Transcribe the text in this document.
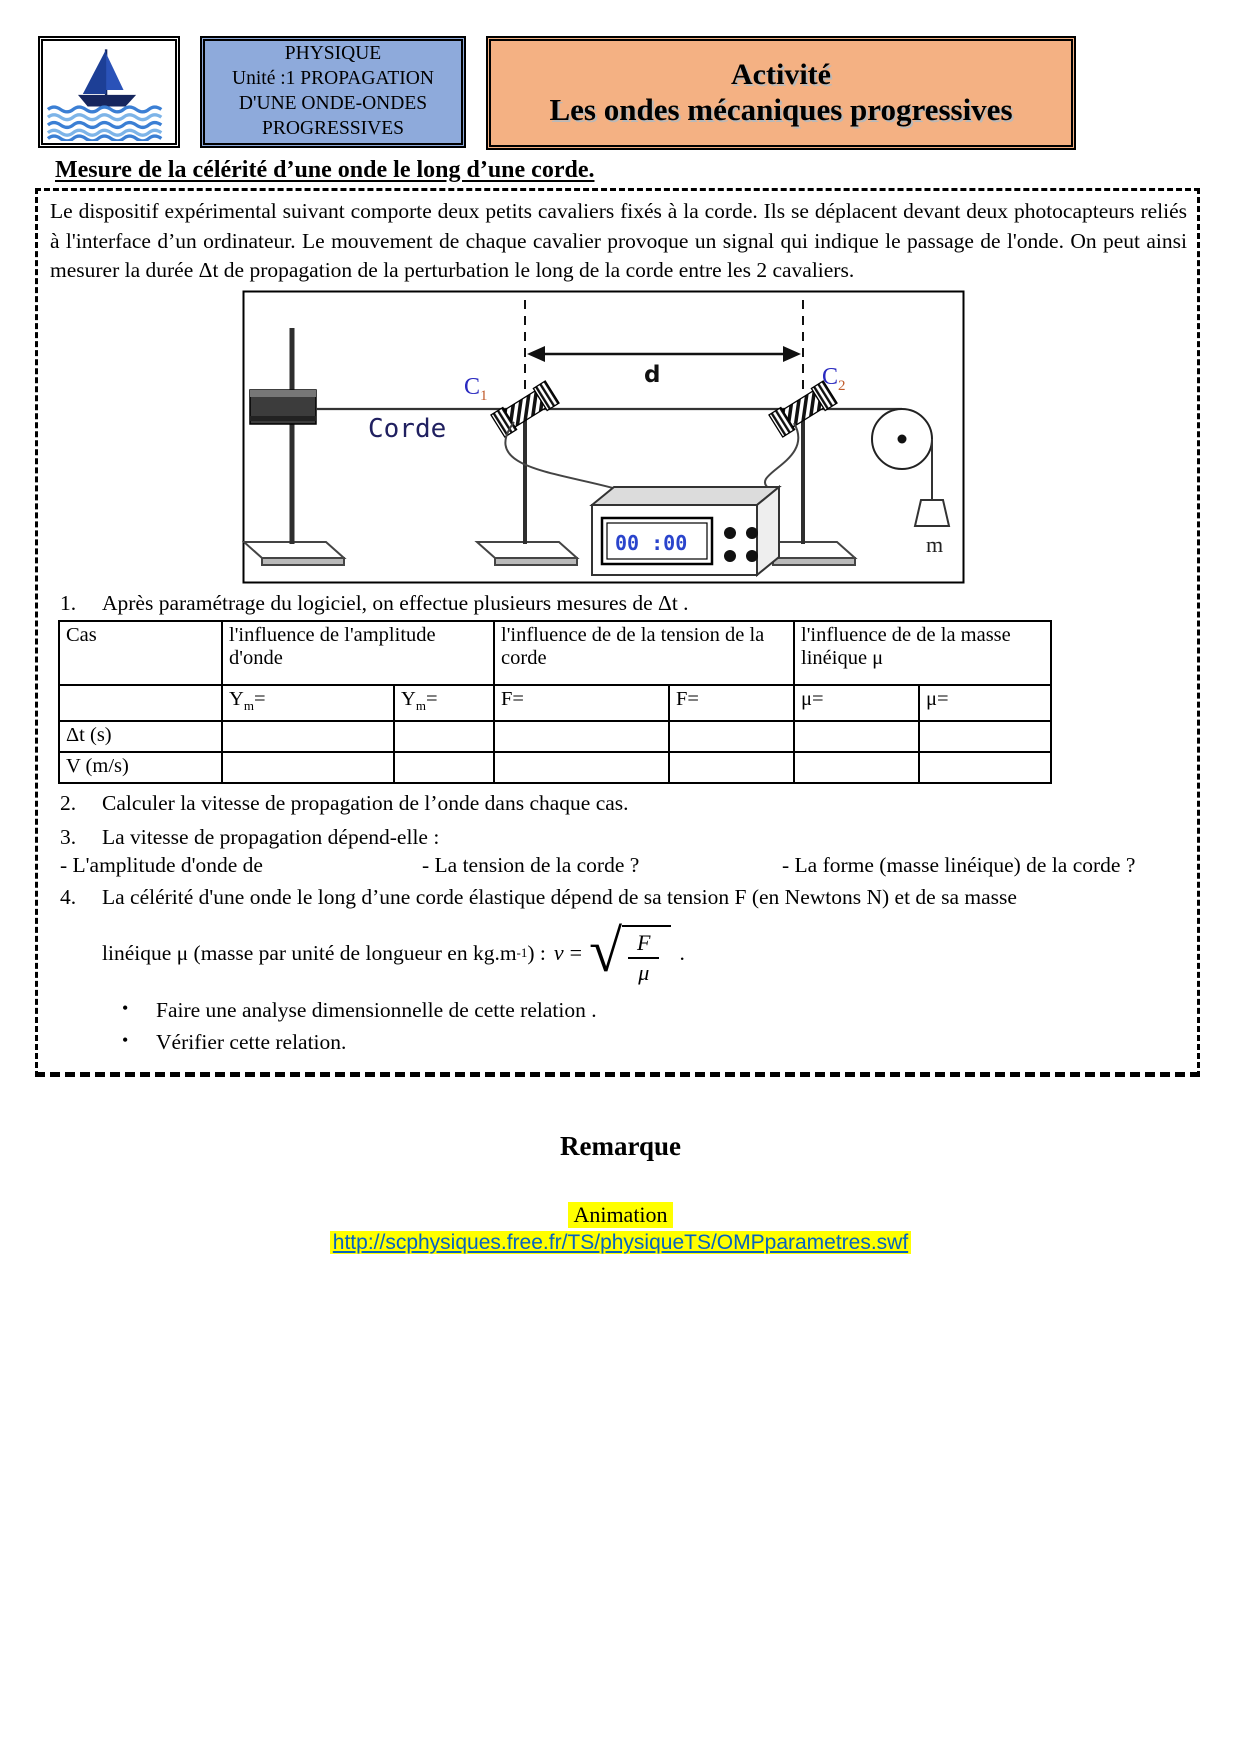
PHYSIQUE
Unité :1 PROPAGATION
D'UNE ONDE-ONDES
PROGRESSIVES
Activité
Les ondes mécaniques progressives
Mesure de la célérité d’une onde le long d’une corde.

Le dispositif expérimental suivant comporte deux petits cavaliers fixés à la corde. Ils se déplacent devant deux photocapteurs reliés à l'interface d’un ordinateur. Le mouvement de chaque cavalier provoque un signal qui indique le passage de l'onde. On peut ainsi mesurer la durée Δt de propagation de la perturbation le long de la corde entre les 2 cavaliers.

d
$C_1$
$C_2$
Corde
00 :00	m
1.	Après paramétrage du logiciel, on effectue plusieurs mesures de Δt .
Cas	l'influence de l'amplitude d'onde		l'influence de de la tension de la corde		l'influence de de la masse linéique μ	
	$Y_m=$	$Y_m=$	F=	F=	μ=	μ=
Δt (s)						
V (m/s)						
2.	Calculer la vitesse de propagation de l’onde dans chaque cas.
3.	La vitesse de propagation dépend-elle :
- L'amplitude d'onde de	- La tension de la corde ?	- La forme (masse linéique) de la corde ?
4.	La célérité d'une onde le long d’une corde élastique dépend de sa tension F (en Newtons N) et de sa masse
linéique μ (masse par unité de longueur en kg.m -1 ) : v = √ $\frac{F}{\mu}$ .
•	Faire une analyse dimensionnelle de cette relation .
•	Vérifier cette relation.
Remarque
Animation
http://scphysiques.free.fr/TS/physiqueTS/OMPparametres.swf
